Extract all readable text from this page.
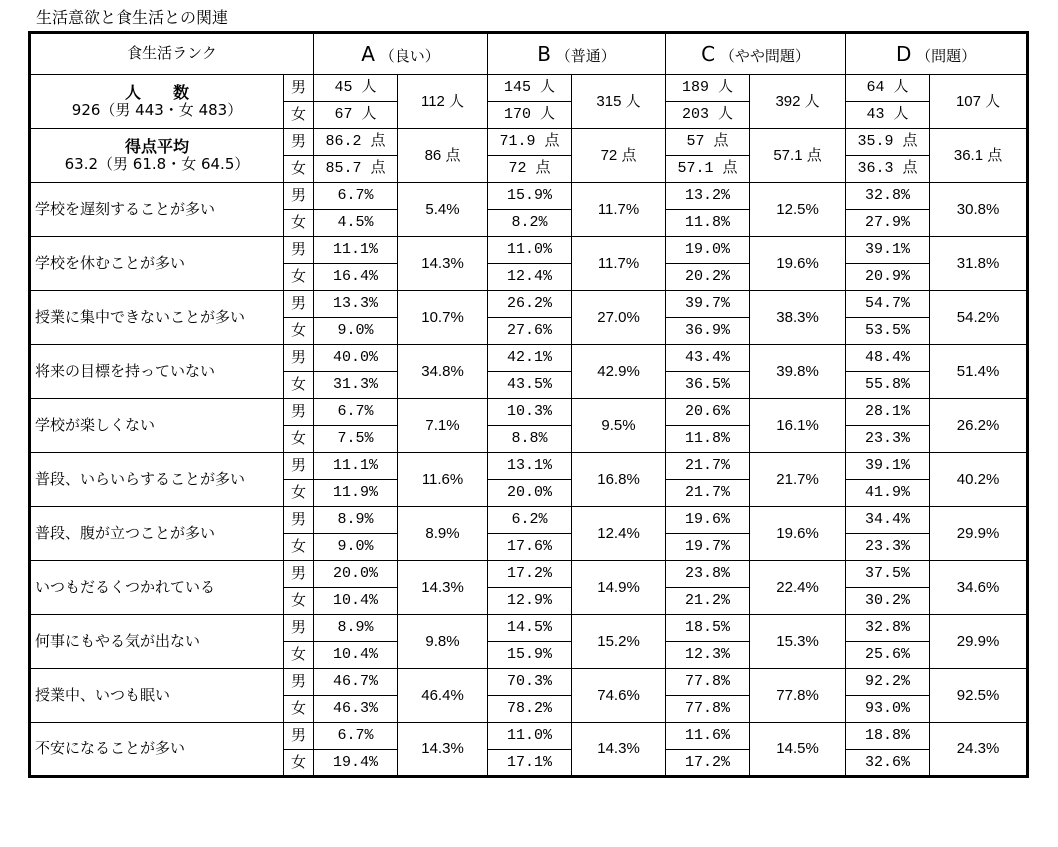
生活意欲と食生活との関連
食生活ランク		A （良い）		B （普通）		C （やや問題）		D （問題）	
人　　数
926（男 443・女 483）	男	45 人	112 人	145 人	315 人	189 人	392 人	64 人	107 人
	女	67 人		170 人		203 人		43 人	
得点平均
63.2（男 61.8・女 64.5）	男	86.2 点	86 点	71.9 点	72 点	57 点	57.1 点	35.9 点	36.1 点
	女	85.7 点		72 点		57.1 点		36.3 点	
学校を遅刻することが多い	男	6.7%	5.4%	15.9%	11.7%	13.2%	12.5%	32.8%	30.8%
	女	4.5%		8.2%		11.8%		27.9%	
学校を休むことが多い	男	11.1%	14.3%	11.0%	11.7%	19.0%	19.6%	39.1%	31.8%
	女	16.4%		12.4%		20.2%		20.9%	
授業に集中できないことが多い	男	13.3%	10.7%	26.2%	27.0%	39.7%	38.3%	54.7%	54.2%
	女	9.0%		27.6%		36.9%		53.5%	
将来の目標を持っていない	男	40.0%	34.8%	42.1%	42.9%	43.4%	39.8%	48.4%	51.4%
	女	31.3%		43.5%		36.5%		55.8%	
学校が楽しくない	男	6.7%	7.1%	10.3%	9.5%	20.6%	16.1%	28.1%	26.2%
	女	7.5%		8.8%		11.8%		23.3%	
普段、いらいらすることが多い	男	11.1%	11.6%	13.1%	16.8%	21.7%	21.7%	39.1%	40.2%
	女	11.9%		20.0%		21.7%		41.9%	
普段、腹が立つことが多い	男	8.9%	8.9%	6.2%	12.4%	19.6%	19.6%	34.4%	29.9%
	女	9.0%		17.6%		19.7%		23.3%	
いつもだるくつかれている	男	20.0%	14.3%	17.2%	14.9%	23.8%	22.4%	37.5%	34.6%
	女	10.4%		12.9%		21.2%		30.2%	
何事にもやる気が出ない	男	8.9%	9.8%	14.5%	15.2%	18.5%	15.3%	32.8%	29.9%
	女	10.4%		15.9%		12.3%		25.6%	
授業中、いつも眠い	男	46.7%	46.4%	70.3%	74.6%	77.8%	77.8%	92.2%	92.5%
	女	46.3%		78.2%		77.8%		93.0%	
不安になることが多い	男	6.7%	14.3%	11.0%	14.3%	11.6%	14.5%	18.8%	24.3%
	女	19.4%		17.1%		17.2%		32.6%	
